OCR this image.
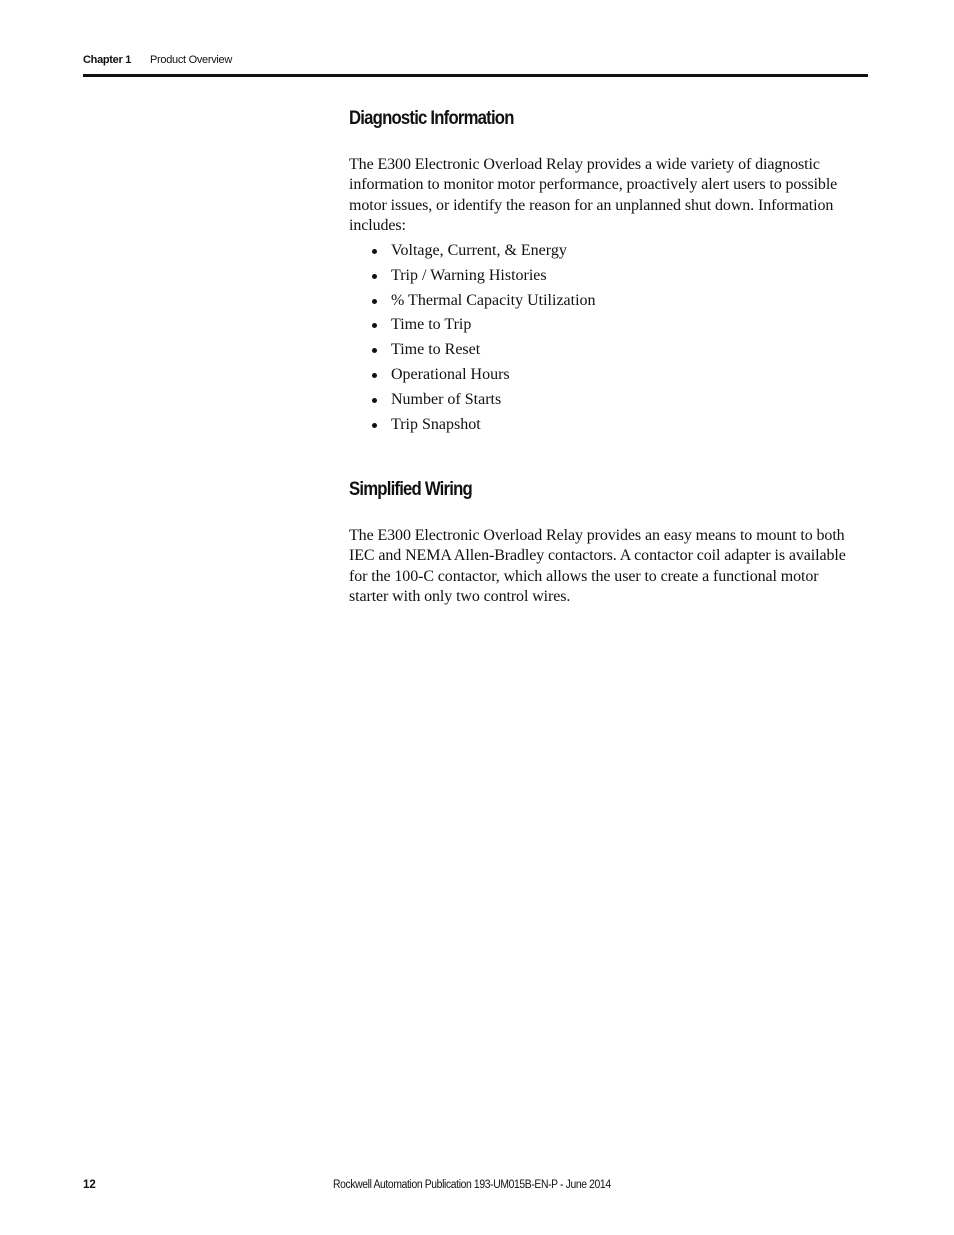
Chapter 1 Product Overview
Diagnostic Information

The E300 Electronic Overload Relay provides a wide variety of diagnostic information to monitor motor performance, proactively alert users to possible motor issues, or identify the reason for an unplanned shut down. Information includes:

Voltage, Current, & Energy
Trip / Warning Histories
% Thermal Capacity Utilization
Time to Trip
Time to Reset
Operational Hours
Number of Starts
Trip Snapshot
Simplified Wiring

The E300 Electronic Overload Relay provides an easy means to mount to both IEC and NEMA Allen-Bradley contactors. A contactor coil adapter is available for the 100-C contactor, which allows the user to create a functional motor starter with only two control wires.

12	Rockwell Automation Publication 193-UM015B-EN-P - June 2014
